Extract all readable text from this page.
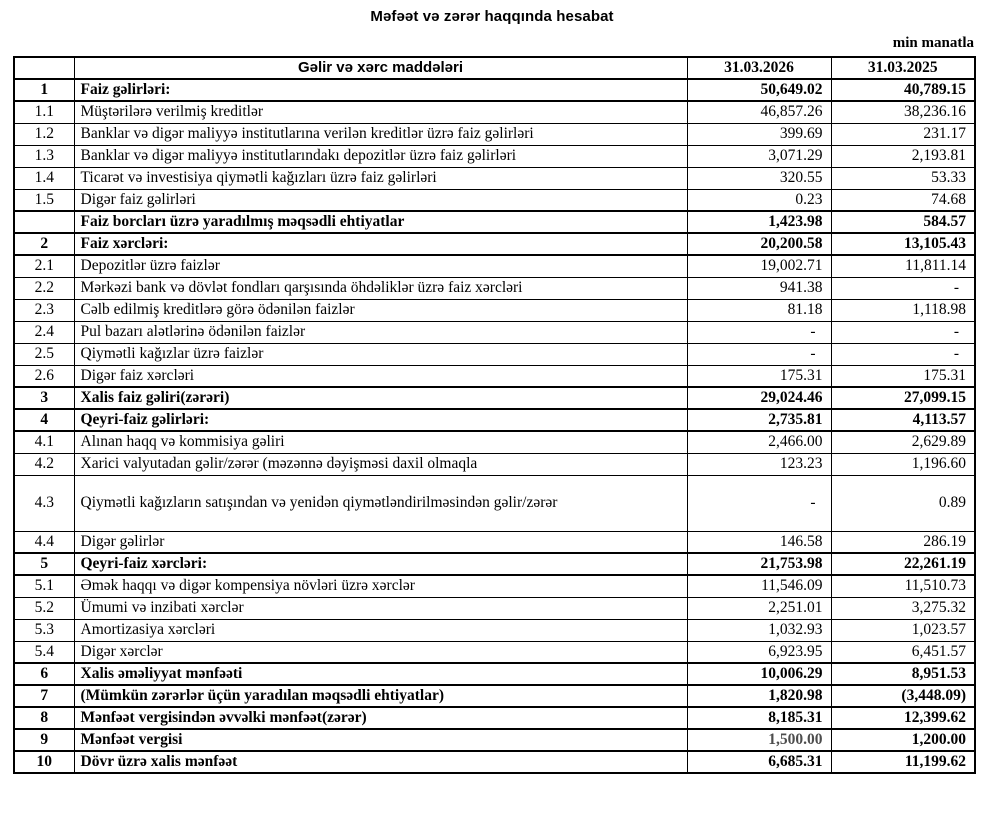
Məfəət və zərər haqqında hesabat
min manatla
	Gəlir və xərc maddələri	31.03.2026	31.03.2025
1	Faiz gəlirləri:	50,649.02	40,789.15
1.1	Müştərilərə verilmiş kreditlər	46,857.26	38,236.16
1.2	Banklar və digər maliyyə institutlarına verilən kreditlər üzrə faiz gəlirləri	399.69	231.17
1.3	Banklar və digər maliyyə institutlarındakı depozitlər üzrə faiz gəlirləri	3,071.29	2,193.81
1.4	Ticarət və investisiya qiymətli kağızları üzrə faiz gəlirləri	320.55	53.33
1.5	Digər faiz gəlirləri	0.23	74.68
	Faiz borcları üzrə yaradılmış məqsədli ehtiyatlar	1,423.98	584.57
2	Faiz xərcləri:	20,200.58	13,105.43
2.1	Depozitlər üzrə faizlər	19,002.71	11,811.14
2.2	Mərkəzi bank və dövlət fondları qarşısında öhdəliklər üzrə faiz xərcləri	941.38	-
2.3	Cəlb edilmiş kreditlərə görə ödənilən faizlər	81.18	1,118.98
2.4	Pul bazarı alətlərinə ödənilən faizlər	-	-
2.5	Qiymətli kağızlar üzrə faizlər	-	-
2.6	Digər faiz xərcləri	175.31	175.31
3	Xalis faiz gəliri(zərəri)	29,024.46	27,099.15
4	Qeyri-faiz gəlirləri:	2,735.81	4,113.57
4.1	Alınan haqq və kommisiya gəliri	2,466.00	2,629.89
4.2	Xarici valyutadan gəlir/zərər (məzənnə dəyişməsi daxil olmaqla	123.23	1,196.60
4.3	Qiymətli kağızların satışından və yenidən qiymətləndirilməsindən gəlir/zərər	-	0.89
4.4	Digər gəlirlər	146.58	286.19
5	Qeyri-faiz xərcləri:	21,753.98	22,261.19
5.1	Əmək haqqı və digər kompensiya növləri üzrə xərclər	11,546.09	11,510.73
5.2	Ümumi və inzibati xərclər	2,251.01	3,275.32
5.3	Amortizasiya xərcləri	1,032.93	1,023.57
5.4	Digər xərclər	6,923.95	6,451.57
6	Xalis əməliyyat mənfəəti	10,006.29	8,951.53
7	(Mümkün zərərlər üçün yaradılan məqsədli ehtiyatlar)	1,820.98	(3,448.09)
8	Mənfəət vergisindən əvvəlki mənfəət(zərər)	8,185.31	12,399.62
9	Mənfəət vergisi	1,500.00	1,200.00
10	Dövr üzrə xalis mənfəət	6,685.31	11,199.62
